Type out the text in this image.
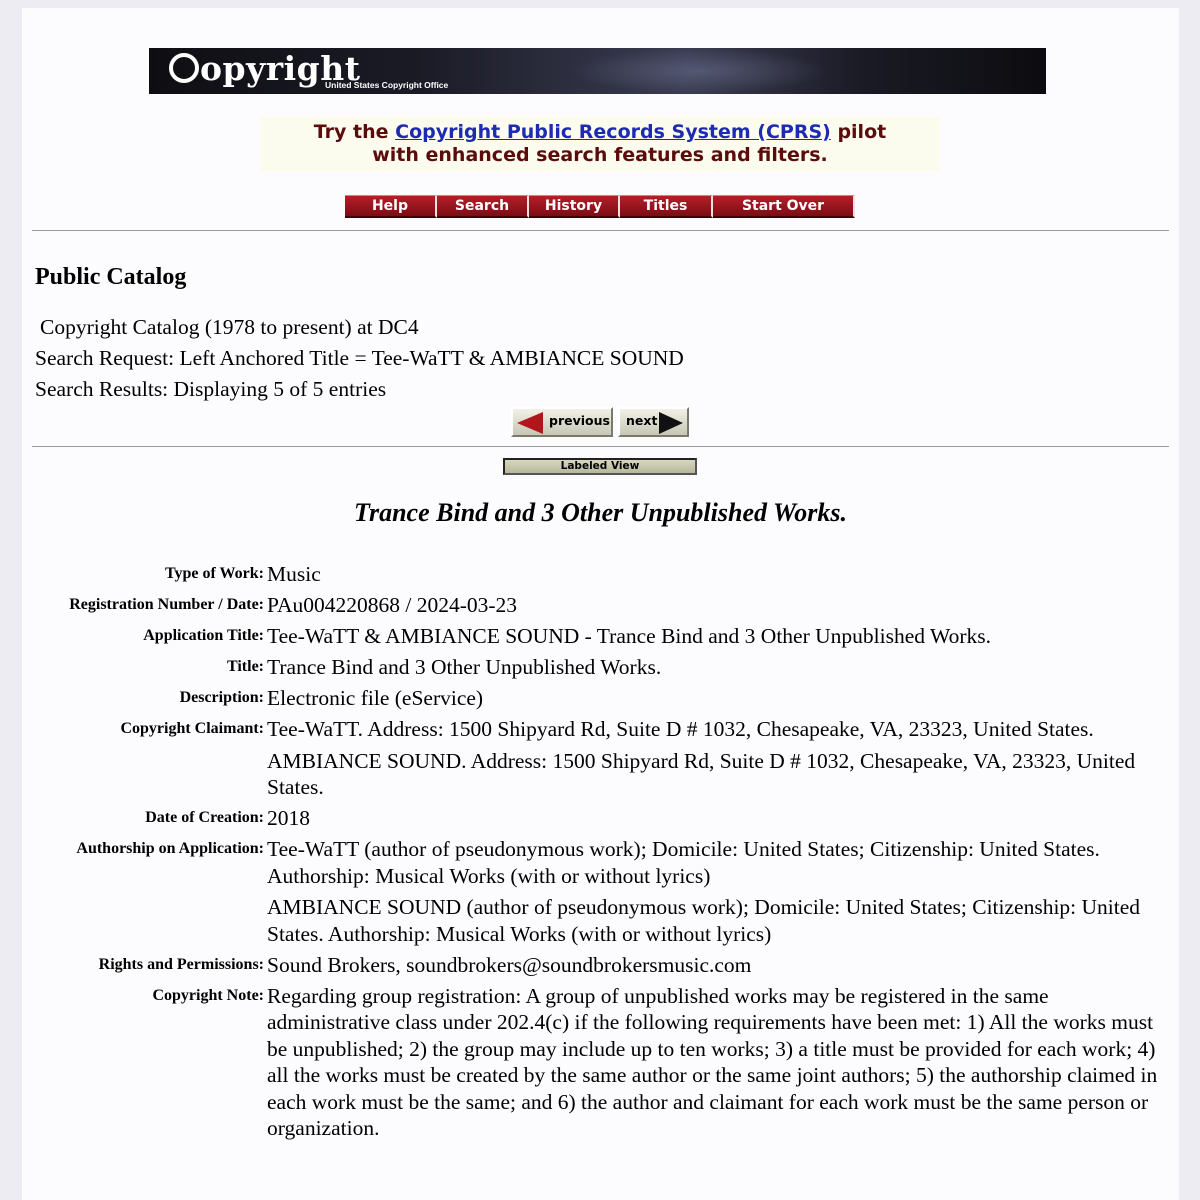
opyright
United States Copyright Office
Try the Copyright Public Records System (CPRS) pilot
with enhanced search features and filters.
Help	Search	History	Titles	Start Over
Public Catalog
Copyright Catalog (1978 to present) at DC4
Search Request: Left Anchored Title = Tee-WaTT & AMBIANCE SOUND
Search Results: Displaying 5 of 5 entries
previous next
Labeled View
Trance Bind and 3 Other Unpublished Works.
Type of Work:	Music
Registration Number / Date:	PAu004220868 / 2024-03-23
Application Title:	Tee-WaTT & AMBIANCE SOUND - Trance Bind and 3 Other Unpublished Works.
Title:	Trance Bind and 3 Other Unpublished Works.
Description:	Electronic file (eService)
Copyright Claimant:	Tee-WaTT. Address: 1500 Shipyard Rd, Suite D # 1032, Chesapeake, VA, 23323, United States.

AMBIANCE SOUND. Address: 1500 Shipyard Rd, Suite D # 1032, Chesapeake, VA, 23323, United States.

Date of Creation:	2018
Authorship on Application:	Tee-WaTT (author of pseudonymous work); Domicile: United States; Citizenship: United States. Authorship: Musical Works (with or without lyrics)

AMBIANCE SOUND (author of pseudonymous work); Domicile: United States; Citizenship: United States. Authorship: Musical Works (with or without lyrics)

Rights and Permissions:	Sound Brokers, soundbrokers@soundbrokersmusic.com
Copyright Note:	Regarding group registration: A group of unpublished works may be registered in the same administrative class under 202.4(c) if the following requirements have been met: 1) All the works must be unpublished; 2) the group may include up to ten works; 3) a title must be provided for each work; 4) all the works must be created by the same author or the same joint authors; 5) the authorship claimed in each work must be the same; and 6) the author and claimant for each work must be the same person or organization.
